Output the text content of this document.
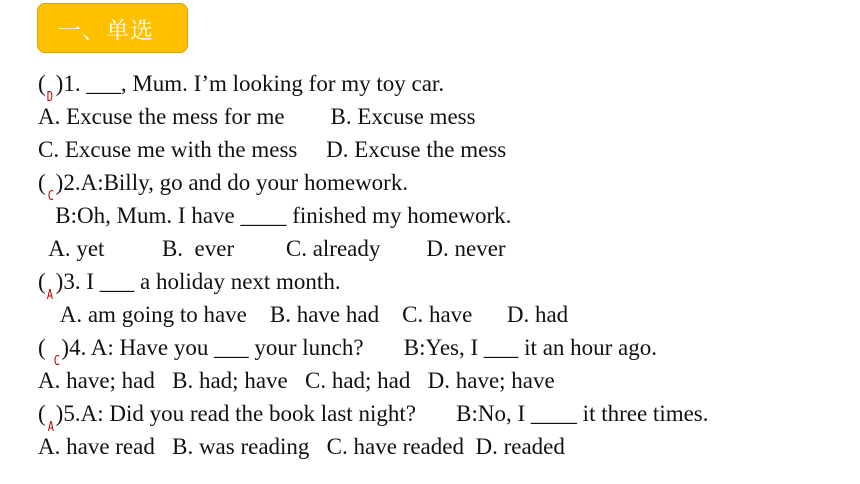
一、单选
(
D
)1. ___, Mum. I’m looking for my toy car.
A. Excuse the mess for me        B. Excuse mess
C. Excuse me with the mess     D. Excuse the mess
(
C
)2.A:Billy, go and do your homework.
B:Oh, Mum. I have ____ finished my homework.
A. yet          B.  ever         C. already        D. never
(
A
)3. I ___ a holiday next month.
A. am going to have    B. have had    C. have      D. had
(
C
)4. A: Have you ___ your lunch?       B:Yes, I ___ it an hour ago.
A. have; had   B. had; have   C. had; had   D. have; have
(
A
)5.A: Did you read the book last night?       B:No, I ____ it three times.
A. have read   B. was reading   C. have readed  D. readed
